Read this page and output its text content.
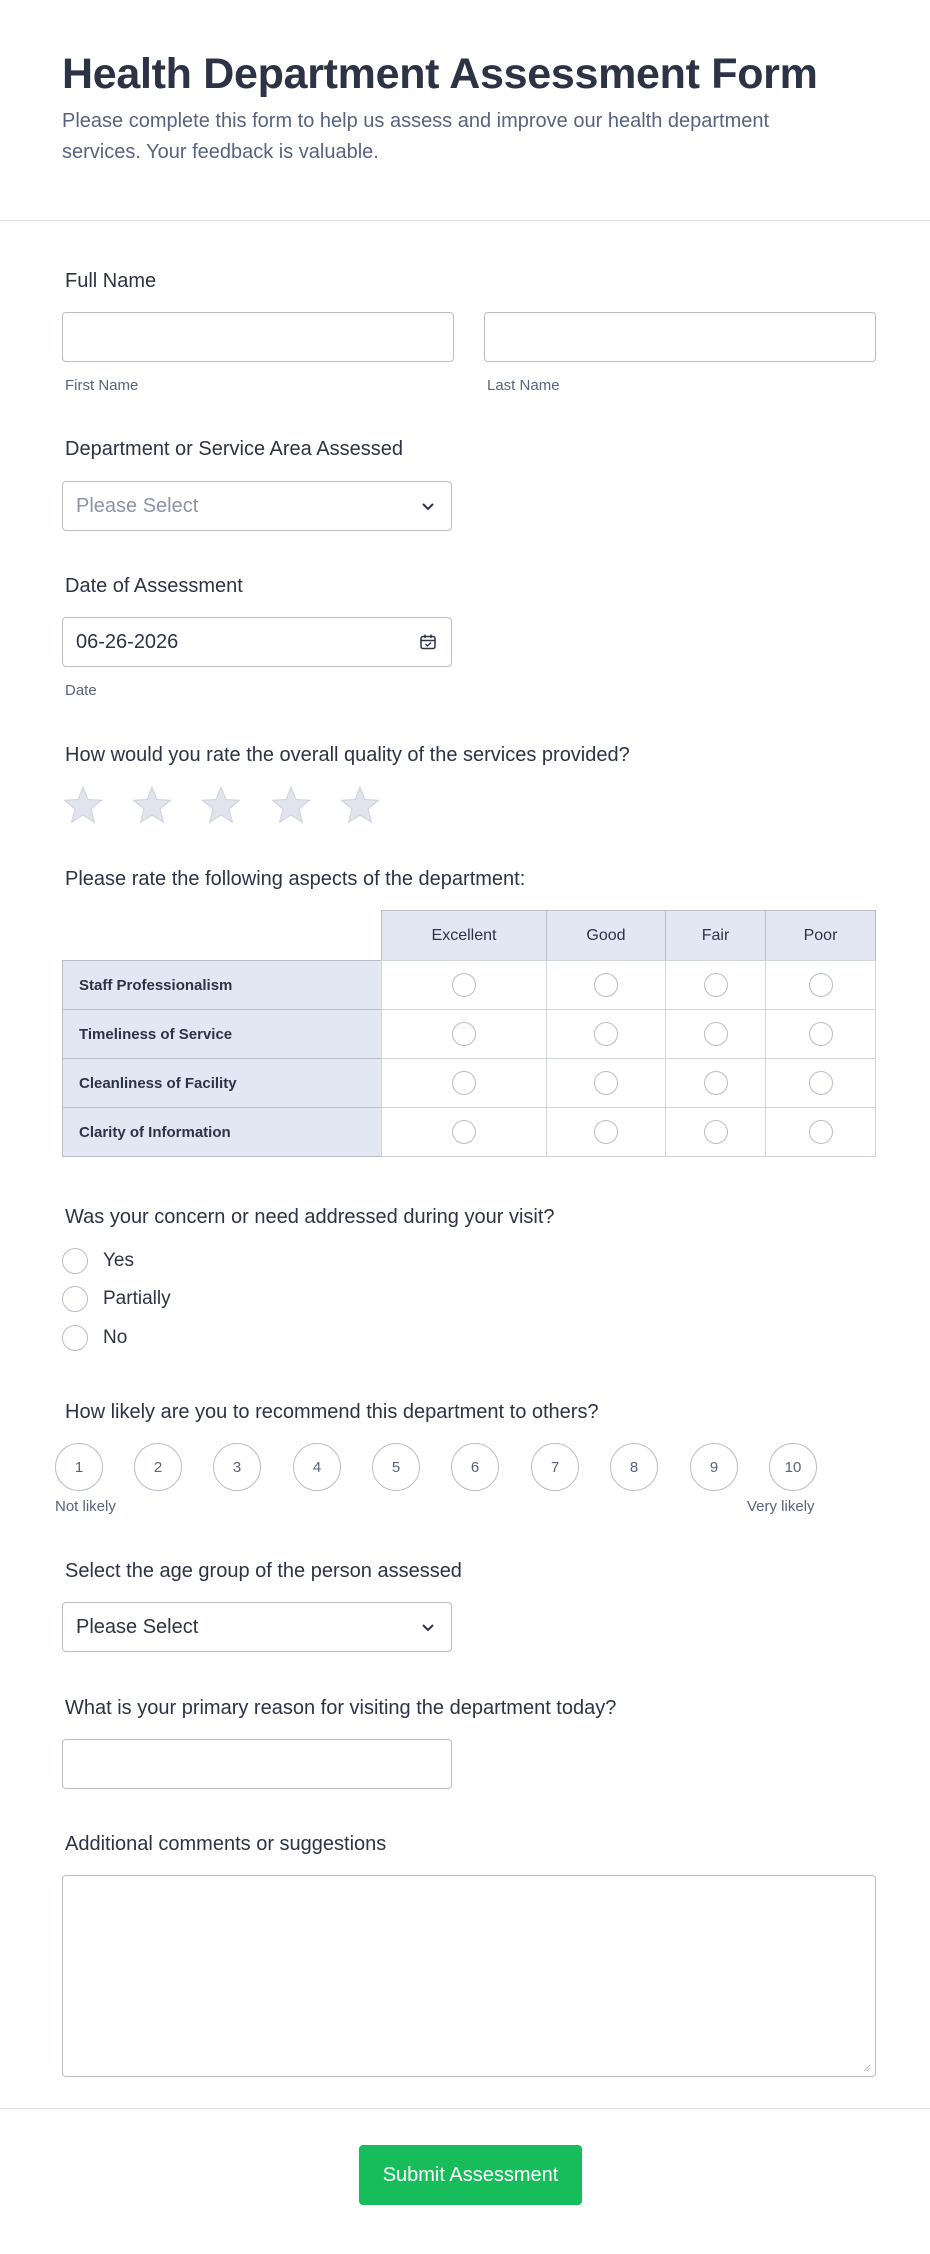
Health Department Assessment Form
Please complete this form to help us assess and improve our health department services. Your feedback is valuable.
Full Name
First Name	Last Name
Department or Service Area Assessed
Please Select
Date of Assessment
06-26-2026
Date
How would you rate the overall quality of the services provided?
Please rate the following aspects of the department:
Excellent	Good	Fair	Poor
Staff Professionalism
Timeliness of Service
Cleanliness of Facility
Clarity of Information
Was your concern or need addressed during your visit?
Yes
Partially
No
How likely are you to recommend this department to others?
1	2	3	4	5	6	7	8	9	10
Not likely	Very likely
Select the age group of the person assessed
Please Select
What is your primary reason for visiting the department today?
Additional comments or suggestions
Submit Assessment
